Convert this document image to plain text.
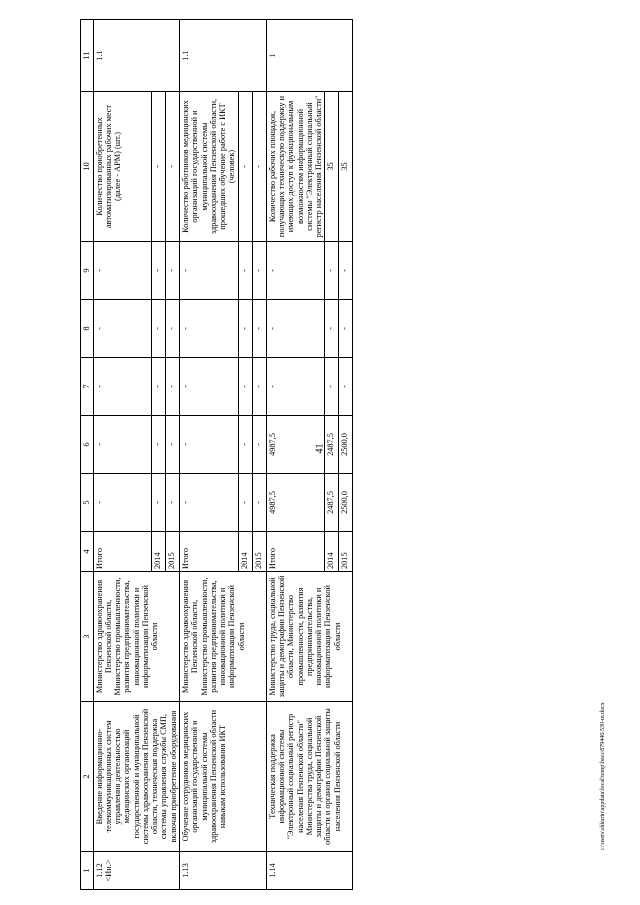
41
1	2	3	4	5	6	7	8	9	10	11
1.12 <Ин.>	Введение информационно-телекоммуникационных систем управления деятельностью медицинских организаций государственной и муниципальной системы здравоохранения Пензенской области, техническая поддержка системы управления службы СМП, включая приобретение оборудования	Министерство здравоохранения Пензенской области, Министерство промышленности, развития предпринимательства, инновационной политики и информатизации Пензенской области	Итого	-	-	-	-	-	Количество приобретенных автоматизированных рабочих мест (далее - АРМ) (шт.)	1.1
			2014	-	-	-	-	-	-	
			2015	-	-	-	-	-	-	
1.13	Обучение сотрудников медицинских организаций государственной и муниципальной системы здравоохранения Пензенской области навыкам использования ИКТ	Министерство здравоохранения Пензенской области, Министерство промышленности, развития предпринимательства, инновационной политики и информатизации Пензенской области	Итого	-	-	-	-	-	Количество работников медицинских организаций государственной и муниципальной системы здравоохранения Пензенской области, прошедших обучение работе с ИКТ (человек)	1.1
			2014	-	-	-	-	-	-	
			2015	-	-	-	-	-	-	
1.14	Техническая поддержка информационной системы "Электронный социальный регистр населения Пензенской области" Министерства труда, социальной защиты и демографии Пензенской области и органов социальной защиты населения Пензенской области	Министерство труда, социальной защиты и демографии Пензенской области, Министерство промышленности, развития предпринимательства, инновационной политики и информатизации Пензенской области	Итого	4987,5	4987,5	-	-	-	Количество рабочих площадок, получающих техническую поддержку и имеющих доступ к функциональным возможностям информационной системы "Электронный социальный регистр населения Пензенской области"	1
			2014	2487,5	2487,5	-	-	-	35	
			2015	2500,0	2500,0	-	-	-	35	
c:\users\shkurin\appdata\local\temp\bacs\879446\530-m.docx
